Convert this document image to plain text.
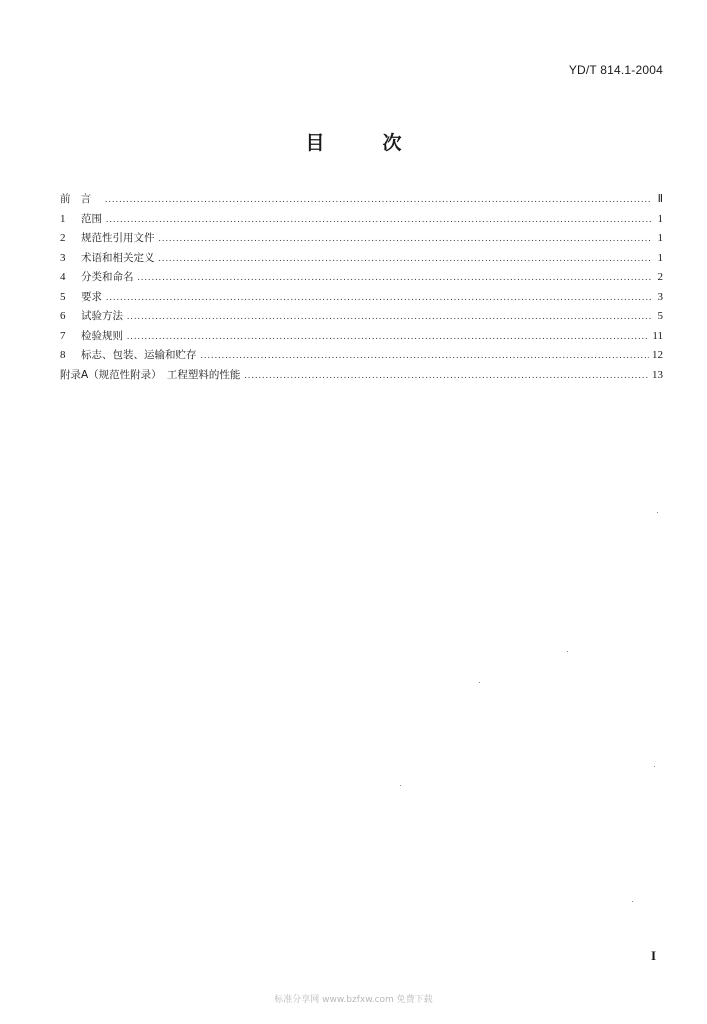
YD/T 814.1-2004
目	次
前言 .....	Ⅱ
1	范围 .....	1
2	规范性引用文件 .....	1
3	术语和相关定义 .....	1
4	分类和命名 .....	2
5	要求 .....	3
6	试验方法 .....	5
7	检验规则 .....	11
8	标志、包装、运输和贮存 .....	12
附录A（规范性附录）　工程塑料的性能 .....	13
I
标准分享网 www.bzfxw.com 免费下载
